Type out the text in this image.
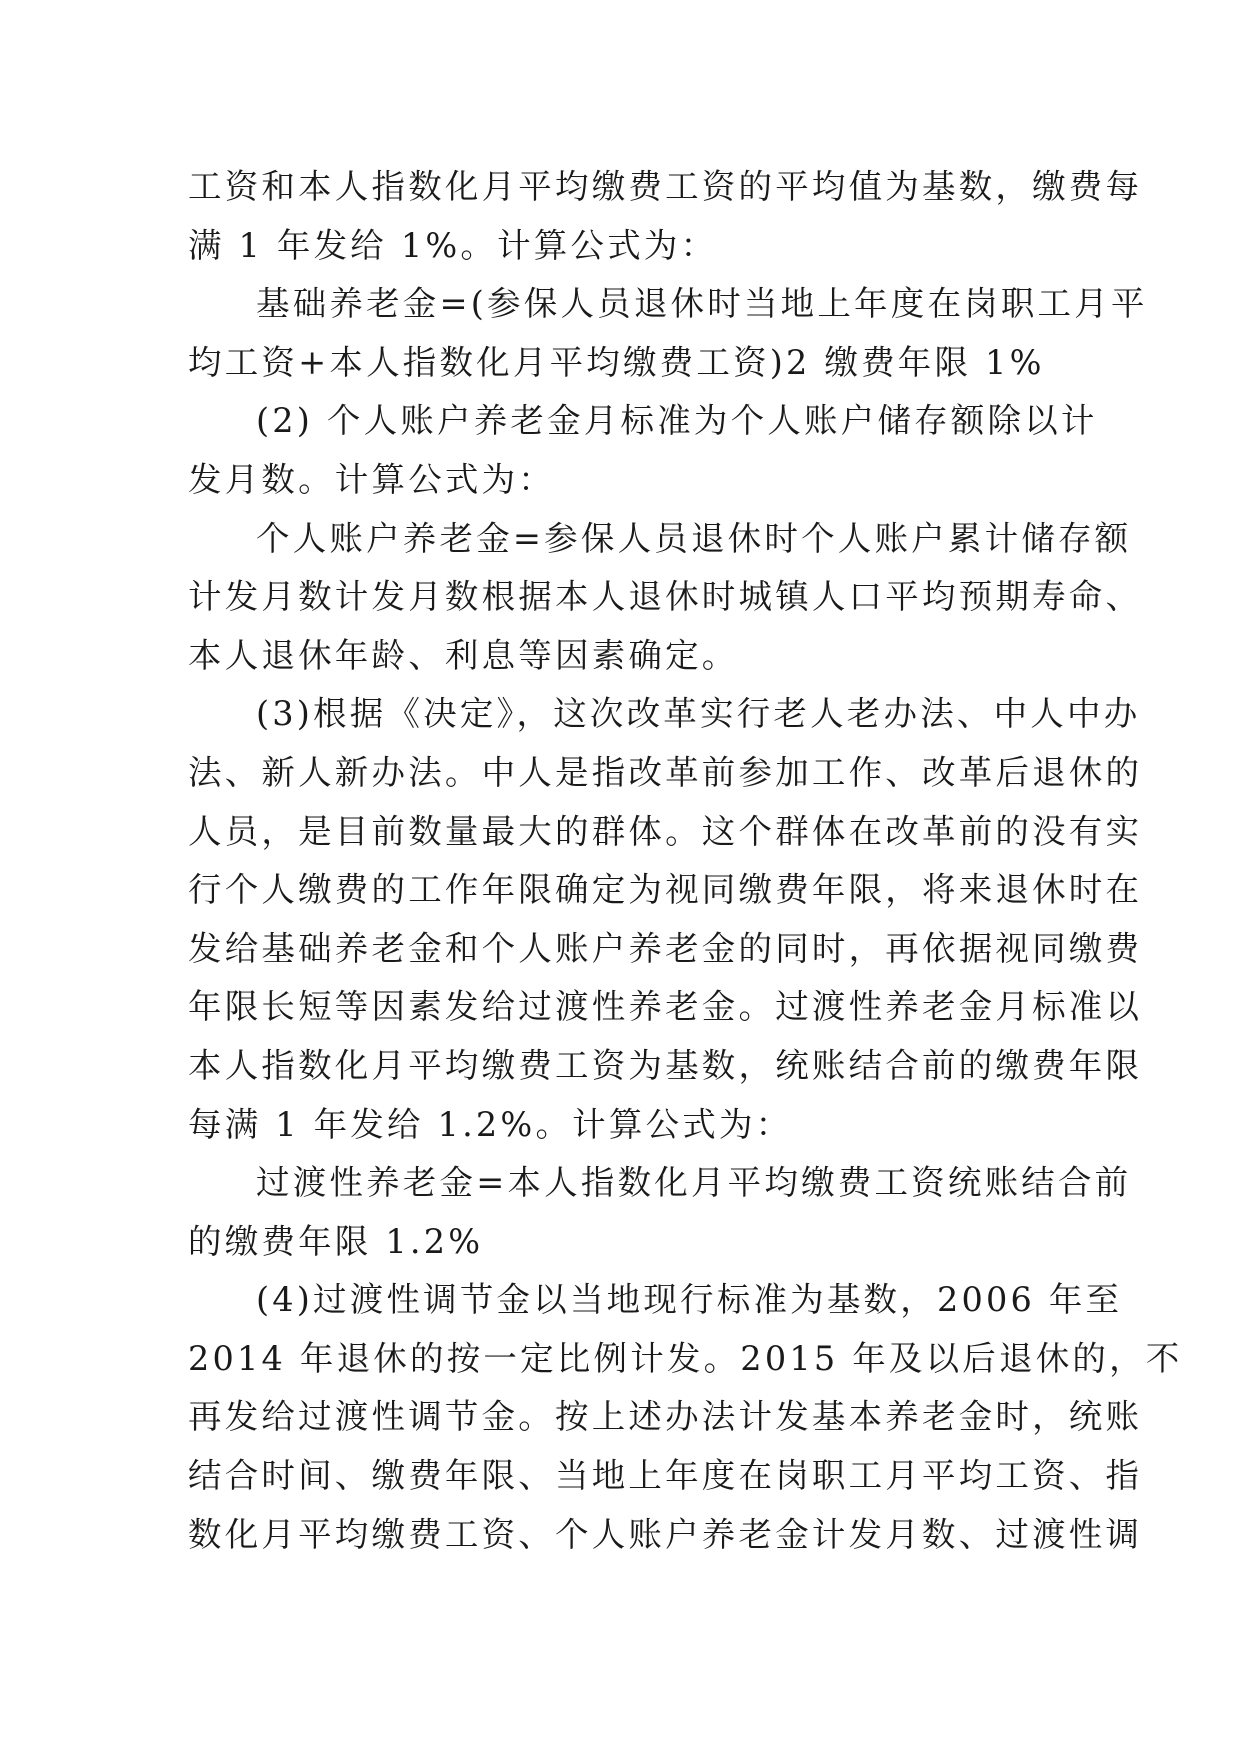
工资和本人指数化月平均缴费工资的平均值为基数，缴费每
满 1 年发给 1%。计算公式为：
基础养老金=(参保人员退休时当地上年度在岗职工月平
均工资+本人指数化月平均缴费工资)2 缴费年限 1%
(2) 个人账户养老金月标准为个人账户储存额除以计
发月数。计算公式为：
个人账户养老金=参保人员退休时个人账户累计储存额
计发月数计发月数根据本人退休时城镇人口平均预期寿命、
本人退休年龄、利息等因素确定。
(3)根据《决定》，这次改革实行老人老办法、中人中办
法、新人新办法。中人是指改革前参加工作、改革后退休的
人员，是目前数量最大的群体。这个群体在改革前的没有实
行个人缴费的工作年限确定为视同缴费年限，将来退休时在
发给基础养老金和个人账户养老金的同时，再依据视同缴费
年限长短等因素发给过渡性养老金。过渡性养老金月标准以
本人指数化月平均缴费工资为基数，统账结合前的缴费年限
每满 1 年发给 1.2%。计算公式为：
过渡性养老金=本人指数化月平均缴费工资统账结合前
的缴费年限 1.2%
(4)过渡性调节金以当地现行标准为基数，2006 年至
2014 年退休的按一定比例计发。2015 年及以后退休的，不
再发给过渡性调节金。按上述办法计发基本养老金时，统账
结合时间、缴费年限、当地上年度在岗职工月平均工资、指
数化月平均缴费工资、个人账户养老金计发月数、过渡性调
